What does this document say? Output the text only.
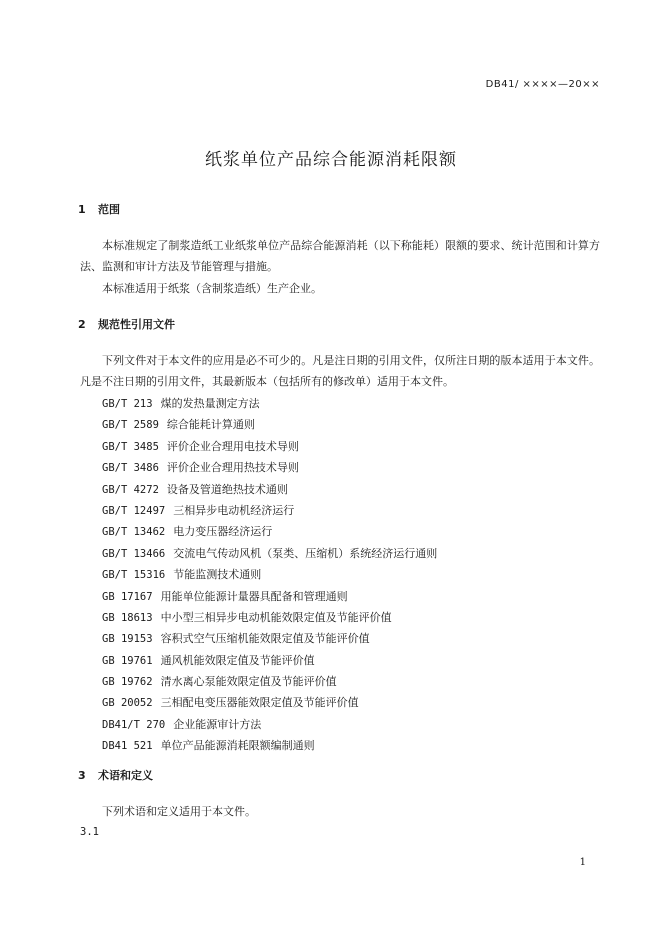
DB41/ ××××—20××
纸浆单位产品综合能源消耗限额
1 范围

本标准规定了制浆造纸工业纸浆单位产品综合能源消耗（以下称能耗）限额的要求、统计范围和计算方法、监测和审计方法及节能管理与措施。

本标准适用于纸浆（含制浆造纸）生产企业。

2 规范性引用文件

下列文件对于本文件的应用是必不可少的。凡是注日期的引用文件，仅所注日期的版本适用于本文件。凡是不注日期的引用文件，其最新版本（包括所有的修改单）适用于本文件。

GB/T 213 煤的发热量测定方法
GB/T 2589 综合能耗计算通则
GB/T 3485 评价企业合理用电技术导则
GB/T 3486 评价企业合理用热技术导则
GB/T 4272 设备及管道绝热技术通则
GB/T 12497 三相异步电动机经济运行
GB/T 13462 电力变压器经济运行
GB/T 13466 交流电气传动风机（泵类、压缩机）系统经济运行通则
GB/T 15316 节能监测技术通则
GB 17167 用能单位能源计量器具配备和管理通则
GB 18613 中小型三相异步电动机能效限定值及节能评价值
GB 19153 容积式空气压缩机能效限定值及节能评价值
GB 19761 通风机能效限定值及节能评价值
GB 19762 清水离心泵能效限定值及节能评价值
GB 20052 三相配电变压器能效限定值及节能评价值
DB41/T 270 企业能源审计方法
DB41 521 单位产品能源消耗限额编制通则
3 术语和定义

下列术语和定义适用于本文件。

3.1
1
